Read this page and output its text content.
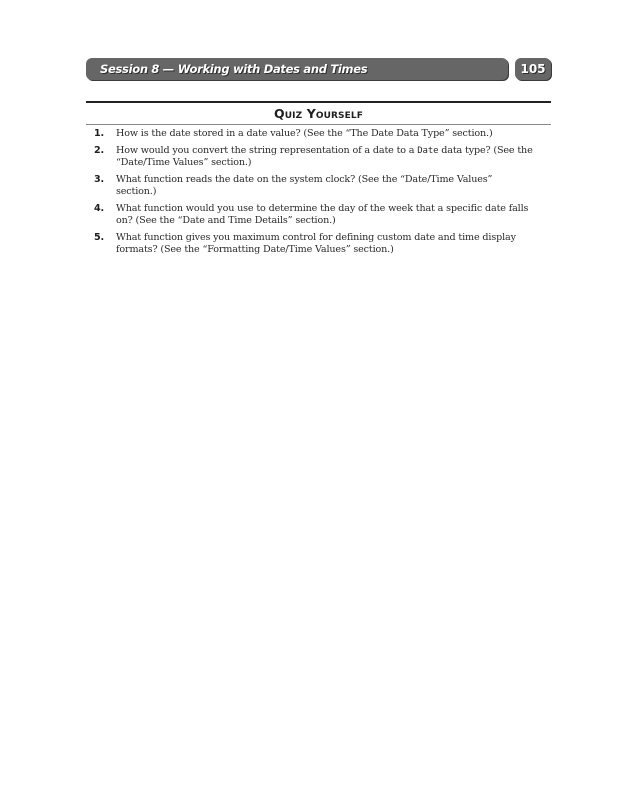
Session 8 — Working with Dates and Times	105
Quiz Yourself
1. How is the date stored in a date value? (See the “The Date Data Type” section.)
2. How would you convert the string representation of a date to a Date data type? (See the “Date/Time Values” section.)
3. What function reads the date on the system clock? (See the “Date/Time Values” section.)
4. What function would you use to determine the day of the week that a specific date falls on? (See the “Date and Time Details” section.)
5. What function gives you maximum control for defining custom date and time display formats? (See the “Formatting Date/Time Values” section.)
